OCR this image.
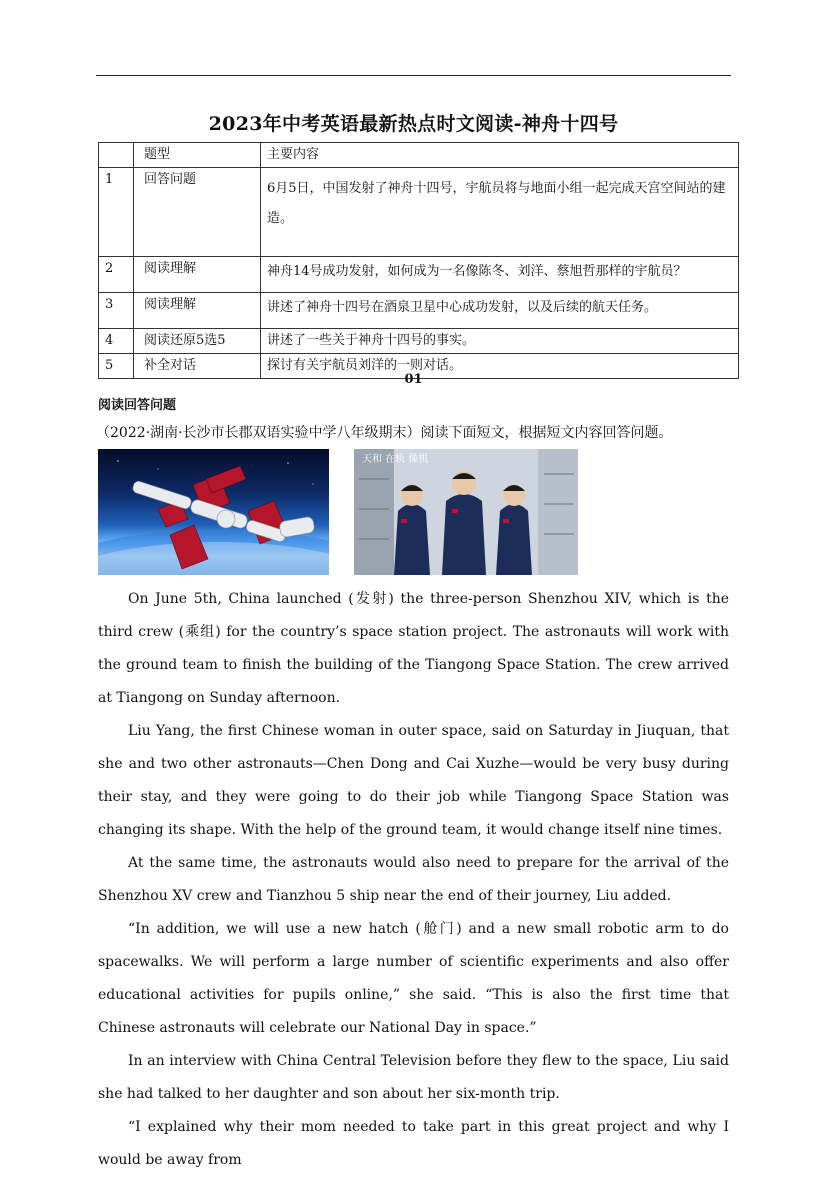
2023年中考英语最新热点时文阅读-神舟十四号
	题型	主要内容
1	回答问题	6月5日，中国发射了神舟十四号，宇航员将与地面小组一起完成天宫空间站的建造。
2	阅读理解	神舟14号成功发射，如何成为一名像陈冬、刘洋、蔡旭哲那样的宇航员？
3	阅读理解	讲述了神舟十四号在酒泉卫星中心成功发射，以及后续的航天任务。
4	阅读还原5选5	讲述了一些关于神舟十四号的事实。
5	补全对话	探讨有关宇航员刘洋的一则对话。
01
阅读回答问题
（2022·湖南·长沙市长郡双语实验中学八年级期末）阅读下面短文，根据短文内容回答问题。
天和 在轨 像机

On June 5th, China launched (发射) the three-person Shenzhou XIV, which is the third crew (乘组) for the country’s space station project. The astronauts will work with the ground team to finish the building of the Tiangong Space Station. The crew arrived at Tiangong on Sunday afternoon.

Liu Yang, the first Chinese woman in outer space, said on Saturday in Jiuquan, that she and two other astronauts—Chen Dong and Cai Xuzhe—would be very busy during their stay, and they were going to do their job while Tiangong Space Station was changing its shape. With the help of the ground team, it would change itself nine times.

At the same time, the astronauts would also need to prepare for the arrival of the Shenzhou XV crew and Tianzhou 5 ship near the end of their journey, Liu added.

“In addition, we will use a new hatch (舱门) and a new small robotic arm to do spacewalks. We will perform a large number of scientific experiments and also offer educational activities for pupils online,” she said. “This is also the first time that Chinese astronauts will celebrate our National Day in space.”

In an interview with China Central Television before they flew to the space, Liu said she had talked to her daughter and son about her six-month trip.

“I explained why their mom needed to take part in this great project and why I would be away from
